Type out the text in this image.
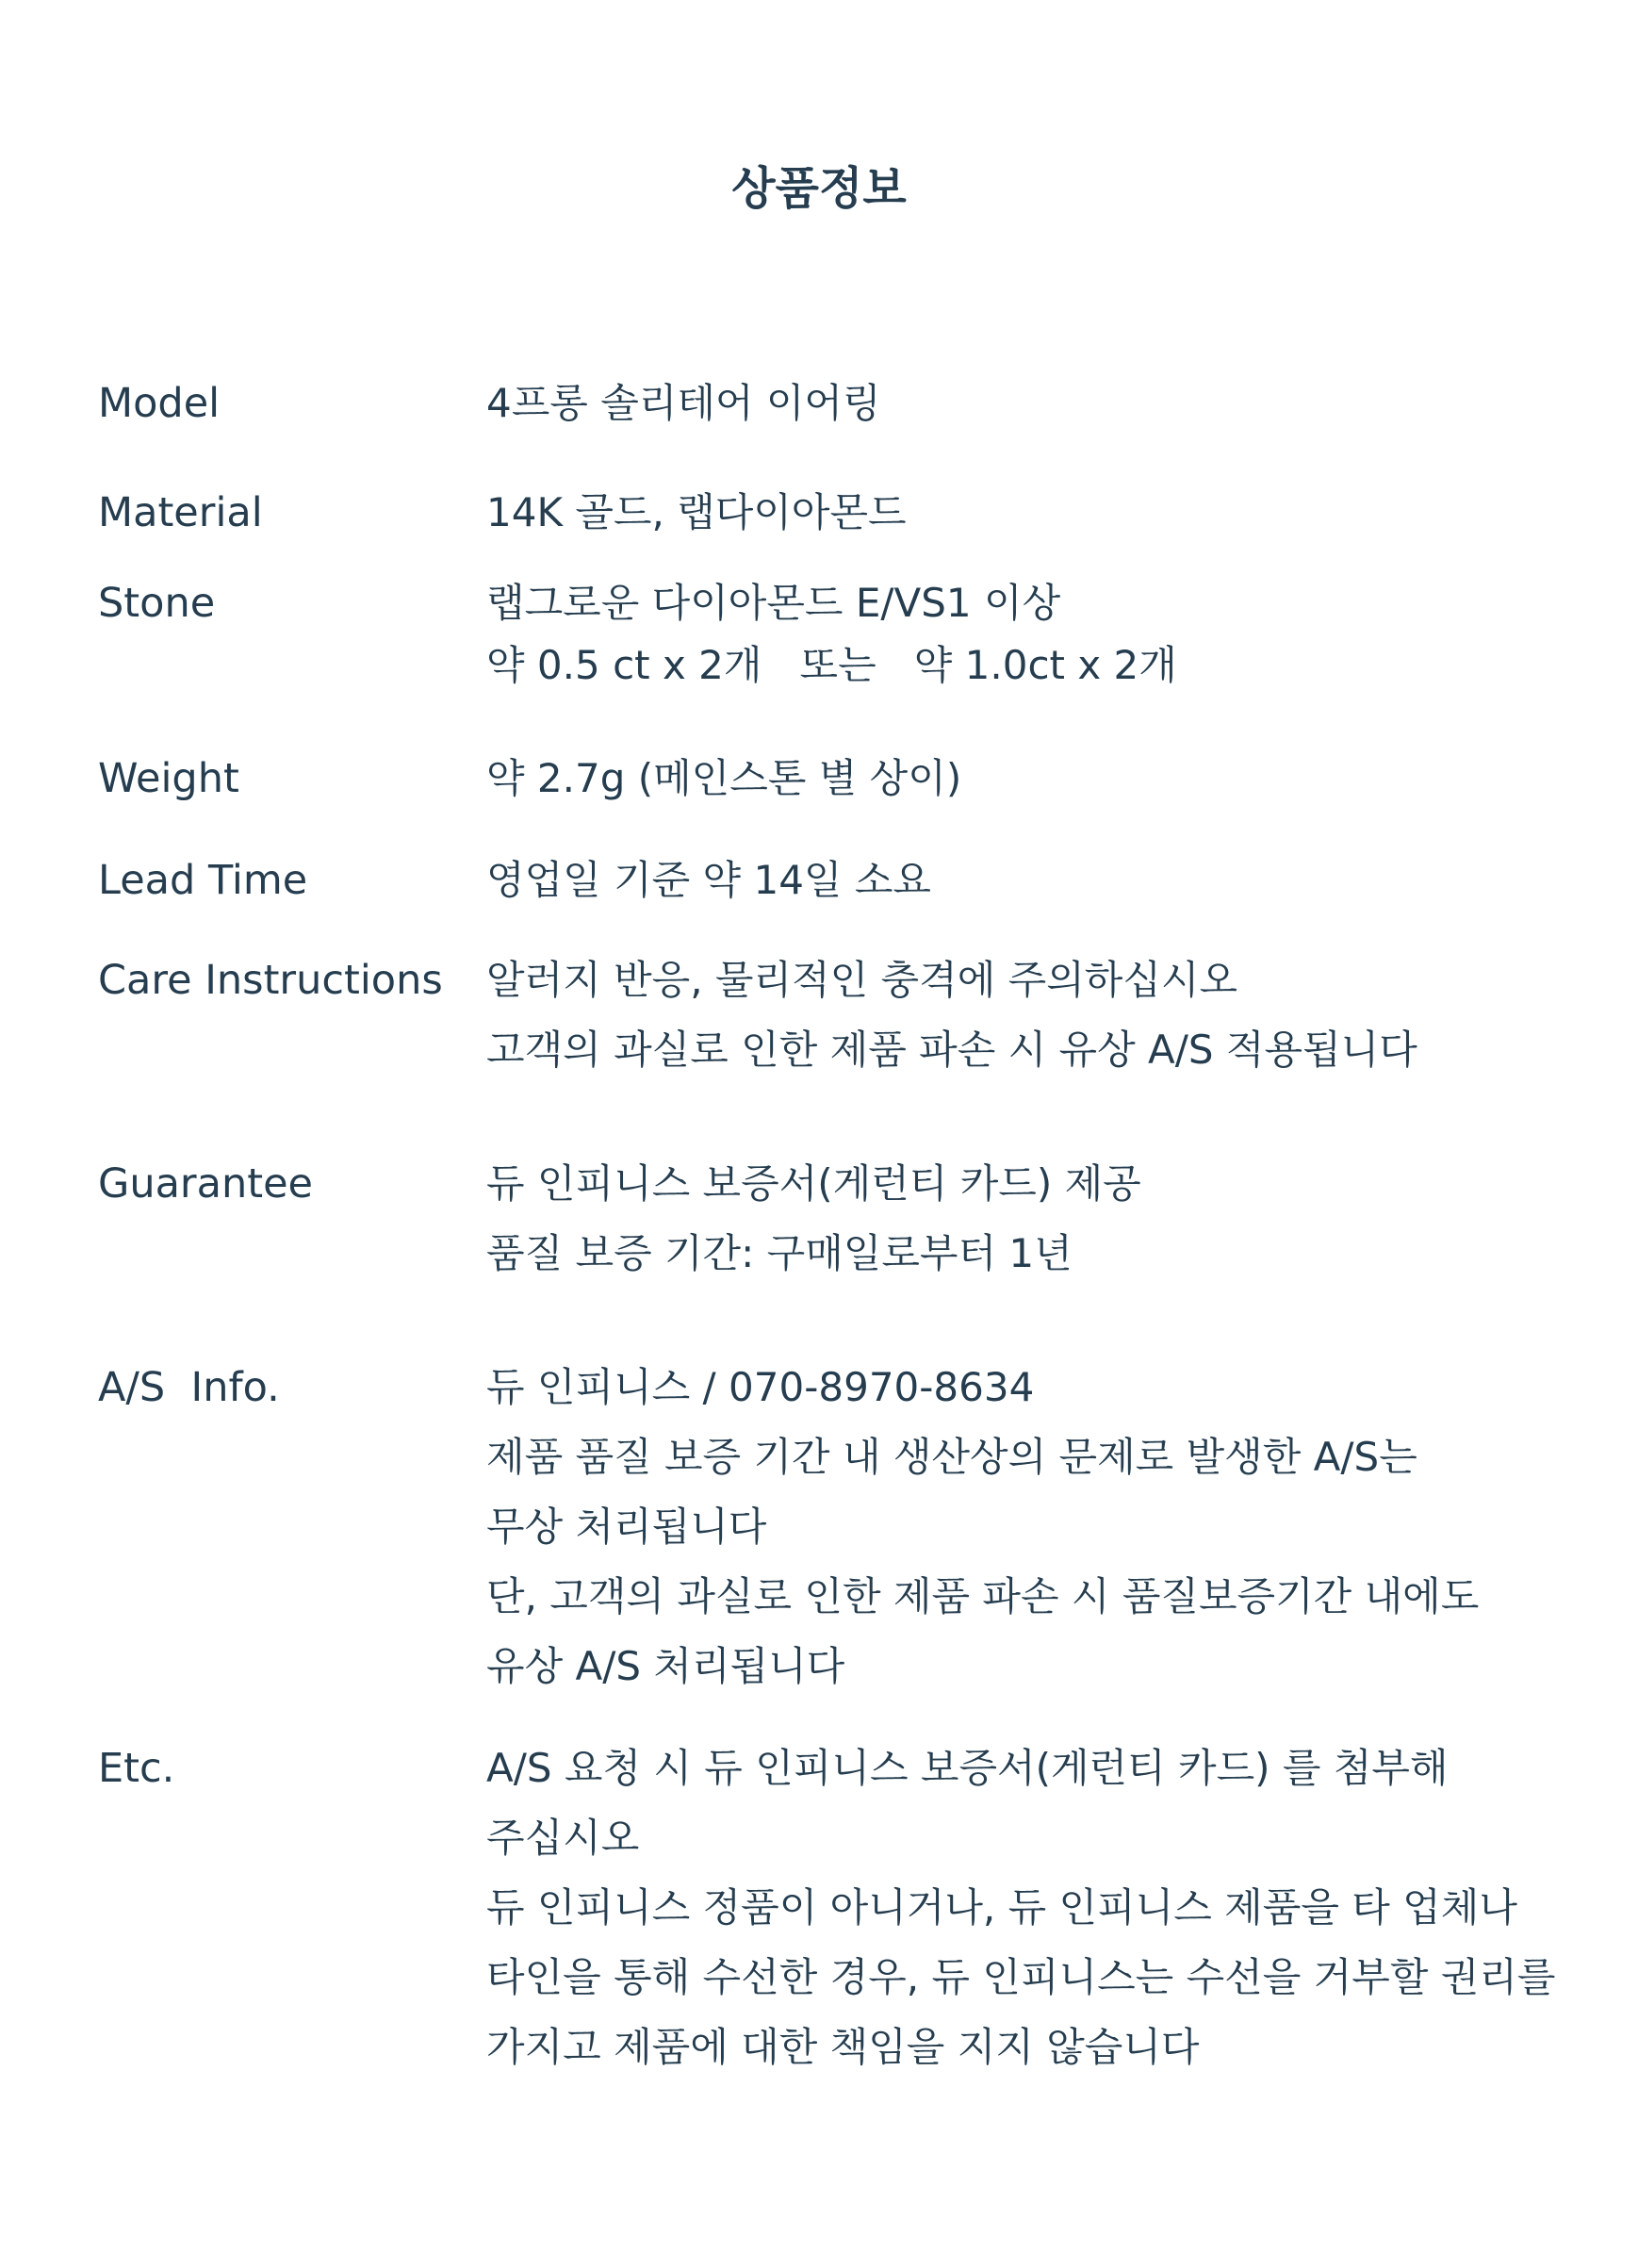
상품정보
Model	4프롱 솔리테어 이어링
Material	14K 골드, 랩다이아몬드
Stone	랩그로운 다이아몬드 E/VS1 이상
약 0.5 ct x 2개   또는   약 1.0ct x 2개
Weight	약 2.7g (메인스톤 별 상이)
Lead Time	영업일 기준 약 14일 소요
Care Instructions	알러지 반응, 물리적인 충격에 주의하십시오
고객의 과실로 인한 제품 파손 시 유상 A/S 적용됩니다
Guarantee	듀 인피니스 보증서(게런티 카드) 제공
품질 보증 기간: 구매일로부터 1년
A/S  Info.	듀 인피니스 / 070-8970-8634
제품 품질 보증 기간 내 생산상의 문제로 발생한 A/S는
무상 처리됩니다
단, 고객의 과실로 인한 제품 파손 시 품질보증기간 내에도
유상 A/S 처리됩니다
Etc.	A/S 요청 시 듀 인피니스 보증서(게런티 카드) 를 첨부해
주십시오
듀 인피니스 정품이 아니거나, 듀 인피니스 제품을 타 업체나
타인을 통해 수선한 경우, 듀 인피니스는 수선을 거부할 권리를
가지고 제품에 대한 책임을 지지 않습니다
